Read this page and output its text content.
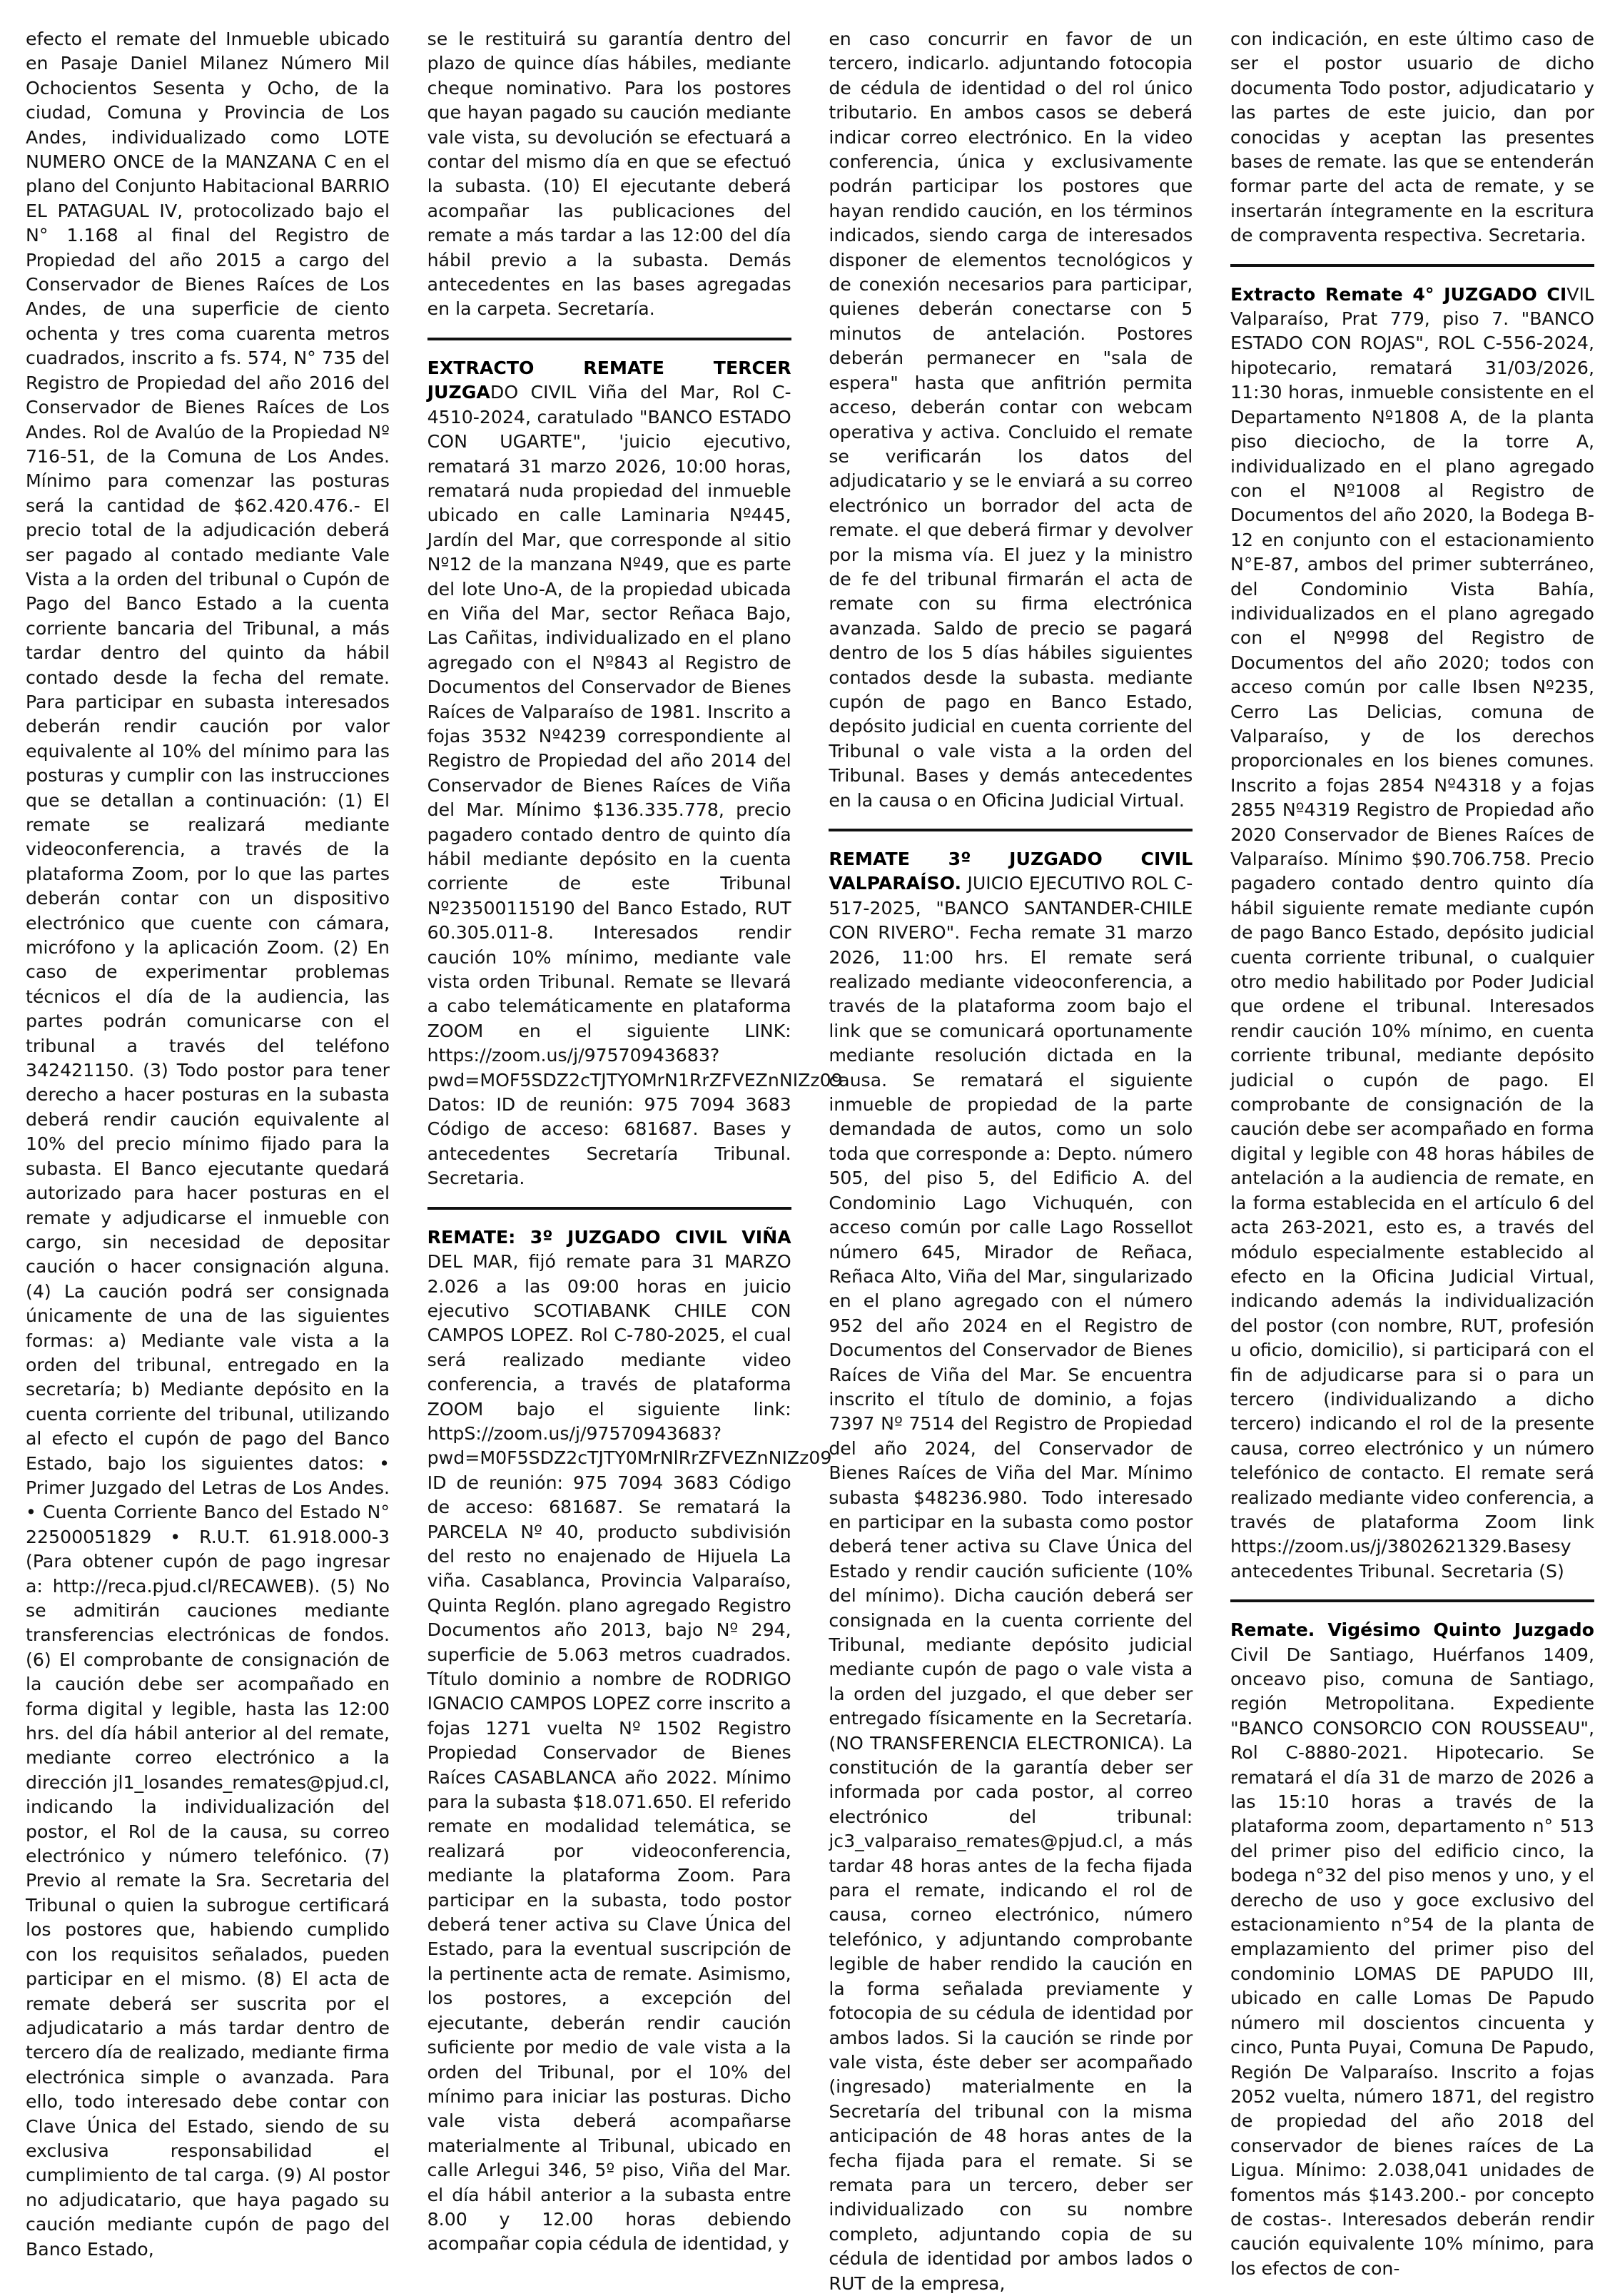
efecto el remate del Inmueble ubicado en Pasaje Daniel Milanez Número Mil Ochocientos Sesenta y Ocho, de la ciudad, Comuna y Provincia de Los Andes, individualizado como LOTE NUMERO ONCE de la MANZANA C en el plano del Conjunto Habitacional BARRIO EL PATAGUAL IV, protocolizado bajo el N° 1.168 al final del Registro de Propiedad del año 2015 a cargo del Conservador de Bienes Raíces de Los Andes, de una superficie de ciento ochenta y tres coma cuarenta metros cuadrados, inscrito a fs. 574, N° 735 del Registro de Propiedad del año 2016 del Conservador de Bienes Raíces de Los Andes. Rol de Avalúo de la Propiedad Nº 716-51, de la Comuna de Los Andes. Mínimo para comenzar las posturas será la cantidad de $62.420.476.- El precio total de la adjudicación deberá ser pagado al contado mediante Vale Vista a la orden del tribunal o Cupón de Pago del Banco Estado a la cuenta corriente bancaria del Tribunal, a más tardar dentro del quinto da hábil contado desde la fecha del remate. Para participar en subasta interesados deberán rendir caución por valor equivalente al 10% del mínimo para las posturas y cumplir con las instrucciones que se detallan a continuación: (1) El remate se realizará mediante videoconferencia, a través de la plataforma Zoom, por lo que las partes deberán contar con un dispositivo electrónico que cuente con cámara, micrófono y la aplicación Zoom. (2) En caso de experimentar problemas técnicos el día de la audiencia, las partes podrán comunicarse con el tribunal a través del teléfono 342421150. (3) Todo postor para tener derecho a hacer posturas en la subasta deberá rendir caución equivalente al 10% del precio mínimo fijado para la subasta. El Banco ejecutante quedará autorizado para hacer posturas en el remate y adjudicarse el inmueble con cargo, sin necesidad de depositar caución o hacer consignación alguna. (4) La caución podrá ser consignada únicamente de una de las siguientes formas: a) Mediante vale vista a la orden del tribunal, entregado en la secretaría; b) Mediante depósito en la cuenta corriente del tribunal, utilizando al efecto el cupón de pago del Banco Estado, bajo los siguientes datos: • Primer Juzgado del Letras de Los Andes. • Cuenta Corriente Banco del Estado N° 22500051829 • R.U.T. 61.918.000-3 (Para obtener cupón de pago ingresar a: http://reca.pjud.cl/RECAWEB). (5) No se admitirán cauciones mediante transferencias electrónicas de fondos. (6) El comprobante de consignación de la caución debe ser acompañado en forma digital y legible, hasta las 12:00 hrs. del día hábil anterior al del remate, mediante correo electrónico a la dirección jl1_losandes_remates@pjud.cl, indicando la individualización del postor, el Rol de la causa, su correo electrónico y número telefónico. (7) Previo al remate la Sra. Secretaria del Tribunal o quien la subrogue certificará los postores que, habiendo cumplido con los requisitos señalados, pueden participar en el mismo. (8) El acta de remate deberá ser suscrita por el adjudicatario a más tardar dentro de tercero día de realizado, mediante firma electrónica simple o avanzada. Para ello, todo interesado debe contar con Clave Única del Estado, siendo de su exclusiva responsabilidad el cumplimiento de tal carga. (9) Al postor no adjudicatario, que haya pagado su caución mediante cupón de pago del Banco Estado,

se le restituirá su garantía dentro del plazo de quince días hábiles, mediante cheque nominativo. Para los postores que hayan pagado su caución mediante vale vista, su devolución se efectuará a contar del mismo día en que se efectuó la subasta. (10) El ejecutante deberá acompañar las publicaciones del remate a más tardar a las 12:00 del día hábil previo a la subasta. Demás antecedentes en las bases agregadas en la carpeta. Secretaría.

EXTRACTO REMATE TERCER JUZGADO CIVIL Viña del Mar, Rol C-4510-2024, caratulado "BANCO ESTADO CON UGARTE", 'juicio ejecutivo, rematará 31 marzo 2026, 10:00 horas, rematará nuda propiedad del inmueble ubicado en calle Laminaria Nº445, Jardín del Mar, que corresponde al sitio Nº12 de la manzana Nº49, que es parte del lote Uno-A, de la propiedad ubicada en Viña del Mar, sector Reñaca Bajo, Las Cañitas, individualizado en el plano agregado con el Nº843 al Registro de Documentos del Conservador de Bienes Raíces de Valparaíso de 1981. Inscrito a fojas 3532 Nº4239 correspondiente al Registro de Propiedad del año 2014 del Conservador de Bienes Raíces de Viña del Mar. Mínimo $136.335.778, precio pagadero contado dentro de quinto día hábil mediante depósito en la cuenta corriente de este Tribunal Nº23500115190 del Banco Estado, RUT 60.305.011-8. Interesados rendir caución 10% mínimo, mediante vale vista orden Tribunal. Remate se llevará a cabo telemáticamente en plataforma ZOOM en el siguiente LINK: https://zoom.us/j/97570943683?pwd=MOF5SDZ2cTJTYOMrN1RrZFVEZnNIZz09 Datos: ID de reunión: 975 7094 3683 Código de acceso: 681687. Bases y antecedentes Secretaría Tribunal. Secretaria.

REMATE: 3º JUZGADO CIVIL VIÑA DEL MAR, fijó remate para 31 MARZO 2.026 a las 09:00 horas en juicio ejecutivo SCOTIABANK CHILE CON CAMPOS LOPEZ. Rol C-780-2025, el cual será realizado mediante video conferencia, a través de plataforma ZOOM bajo el siguiente link: httpS://zoom.us/j/97570943683?pwd=M0F5SDZ2cTJTY0MrNlRrZFVEZnNIZz09 ID de reunión: 975 7094 3683 Código de acceso: 681687. Se rematará la PARCELA Nº 40, producto subdivisión del resto no enajenado de Hijuela La viña. Casablanca, Provincia Valparaíso, Quinta Reglón. plano agregado Registro Documentos año 2013, bajo Nº 294, superficie de 5.063 metros cuadrados. Título dominio a nombre de RODRIGO IGNACIO CAMPOS LOPEZ corre inscrito a fojas 1271 vuelta Nº 1502 Registro Propiedad Conservador de Bienes Raíces CASABLANCA año 2022. Mínimo para la subasta $18.071.650. El referido remate en modalidad telemática, se realizará por videoconferencia, mediante la plataforma Zoom. Para participar en la subasta, todo postor deberá tener activa su Clave Única del Estado, para la eventual suscripción de la pertinente acta de remate. Asimismo, los postores, a excepción del ejecutante, deberán rendir caución suficiente por medio de vale vista a la orden del Tribunal, por el 10% del mínimo para iniciar las posturas. Dicho vale vista deberá acompañarse materialmente al Tribunal, ubicado en calle Arlegui 346, 5º piso, Viña del Mar. el día hábil anterior a la subasta entre 8.00 y 12.00 horas debiendo acompañar copia cédula de identidad, y

en caso concurrir en favor de un tercero, indicarlo. adjuntando fotocopia de cédula de identidad o del rol único tributario. En ambos casos se deberá indicar correo electrónico. En la video conferencia, única y exclusivamente podrán participar los postores que hayan rendido caución, en los términos indicados, siendo carga de interesados disponer de elementos tecnológicos y de conexión necesarios para participar, quienes deberán conectarse con 5 minutos de antelación. Postores deberán permanecer en "sala de espera" hasta que anfitrión permita acceso, deberán contar con webcam operativa y activa. Concluido el remate se verificarán los datos del adjudicatario y se le enviará a su correo electrónico un borrador del acta de remate. el que deberá firmar y devolver por la misma vía. El juez y la ministro de fe del tribunal firmarán el acta de remate con su firma electrónica avanzada. Saldo de precio se pagará dentro de los 5 días hábiles siguientes contados desde la subasta. mediante cupón de pago en Banco Estado, depósito judicial en cuenta corriente del Tribunal o vale vista a la orden del Tribunal. Bases y demás antecedentes en la causa o en Oficina Judicial Virtual.

REMATE 3º JUZGADO CIVIL VALPARAÍSO. JUICIO EJECUTIVO ROL C-517-2025, "BANCO SANTANDER-CHILE CON RIVERO". Fecha remate 31 marzo 2026, 11:00 hrs. El remate será realizado mediante videoconferencia, a través de la plataforma zoom bajo el link que se comunicará oportunamente mediante resolución dictada en la causa. Se rematará el siguiente inmueble de propiedad de la parte demandada de autos, como un solo toda que corresponde a: Depto. número 505, del piso 5, del Edificio A. del Condominio Lago Vichuquén, con acceso común por calle Lago Rossellot número 645, Mirador de Reñaca, Reñaca Alto, Viña del Mar, singularizado en el plano agregado con el número 952 del año 2024 en el Registro de Documentos del Conservador de Bienes Raíces de Viña del Mar. Se encuentra inscrito el título de dominio, a fojas 7397 Nº 7514 del Registro de Propiedad del año 2024, del Conservador de Bienes Raíces de Viña del Mar. Mínimo subasta $48236.980. Todo interesado en participar en la subasta como postor deberá tener activa su Clave Única del Estado y rendir caución suficiente (10% del mínimo). Dicha caución deberá ser consignada en la cuenta corriente del Tribunal, mediante depósito judicial mediante cupón de pago o vale vista a la orden del juzgado, el que deber ser entregado físicamente en la Secretaría. (NO TRANSFERENCIA ELECTRONICA). La constitución de la garantía deber ser informada por cada postor, al correo electrónico del tribunal: jc3_valparaiso_remates@pjud.cl, a más tardar 48 horas antes de la fecha fijada para el remate, indicando el rol de causa, corneo electrónico, número telefónico, y adjuntando comprobante legible de haber rendido la caución en la forma señalada previamente y fotocopia de su cédula de identidad por ambos lados. Si la caución se rinde por vale vista, éste deber ser acompañado (ingresado) materialmente en la Secretaría del tribunal con la misma anticipación de 48 horas antes de la fecha fijada para el remate. Si se remata para un tercero, deber ser individualizado con su nombre completo, adjuntando copia de su cédula de identidad por ambos lados o RUT de la empresa,

con indicación, en este último caso de ser el postor usuario de dicho documenta Todo postor, adjudicatario y las partes de este juicio, dan por conocidas y aceptan las presentes bases de remate. las que se entenderán formar parte del acta de remate, y se insertarán íntegramente en la escritura de compraventa respectiva. Secretaria.

Extracto Remate 4° JUZGADO CIVIL Valparaíso, Prat 779, piso 7. "BANCO ESTADO CON ROJAS", ROL C-556-2024, hipotecario, rematará 31/03/2026, 11:30 horas, inmueble consistente en el Departamento Nº1808 A, de la planta piso dieciocho, de la torre A, individualizado en el plano agregado con el Nº1008 al Registro de Documentos del año 2020, la Bodega B-12 en conjunto con el estacionamiento N°E-87, ambos del primer subterráneo, del Condominio Vista Bahía, individualizados en el plano agregado con el Nº998 del Registro de Documentos del año 2020; todos con acceso común por calle Ibsen Nº235, Cerro Las Delicias, comuna de Valparaíso, y de los derechos proporcionales en los bienes comunes. Inscrito a fojas 2854 Nº4318 y a fojas 2855 Nº4319 Registro de Propiedad año 2020 Conservador de Bienes Raíces de Valparaíso. Mínimo $90.706.758. Precio pagadero contado dentro quinto día hábil siguiente remate mediante cupón de pago Banco Estado, depósito judicial cuenta corriente tribunal, o cualquier otro medio habilitado por Poder Judicial que ordene el tribunal. Interesados rendir caución 10% mínimo, en cuenta corriente tribunal, mediante depósito judicial o cupón de pago. El comprobante de consignación de la caución debe ser acompañado en forma digital y legible con 48 horas hábiles de antelación a la audiencia de remate, en la forma establecida en el artículo 6 del acta 263-2021, esto es, a través del módulo especialmente establecido al efecto en la Oficina Judicial Virtual, indicando además la individualización del postor (con nombre, RUT, profesión u oficio, domicilio), si participará con el fin de adjudicarse para si o para un tercero (individualizando a dicho tercero) indicando el rol de la presente causa, correo electrónico y un número telefónico de contacto. El remate será realizado mediante video conferencia, a través de plataforma Zoom link https://zoom.us/j/3802621329.Basesy antecedentes Tribunal. Secretaria (S)

Remate. Vigésimo Quinto Juzgado Civil De Santiago, Huérfanos 1409, onceavo piso, comuna de Santiago, región Metropolitana. Expediente "BANCO CONSORCIO CON ROUSSEAU", Rol C-8880-2021. Hipotecario. Se rematará el día 31 de marzo de 2026 a las 15:10 horas a través de la plataforma zoom, departamento n° 513 del primer piso del edificio cinco, la bodega n°32 del piso menos y uno, y el derecho de uso y goce exclusivo del estacionamiento n°54 de la planta de emplazamiento del primer piso del condominio LOMAS DE PAPUDO III, ubicado en calle Lomas De Papudo número mil doscientos cincuenta y cinco, Punta Puyai, Comuna De Papudo, Región De Valparaíso. Inscrito a fojas 2052 vuelta, número 1871, del registro de propiedad del año 2018 del conservador de bienes raíces de La Ligua. Mínimo: 2.038,041 unidades de fomentos más $143.200.- por concepto de costas-. Interesados deberán rendir caución equivalente 10% mínimo, para los efectos de con-
